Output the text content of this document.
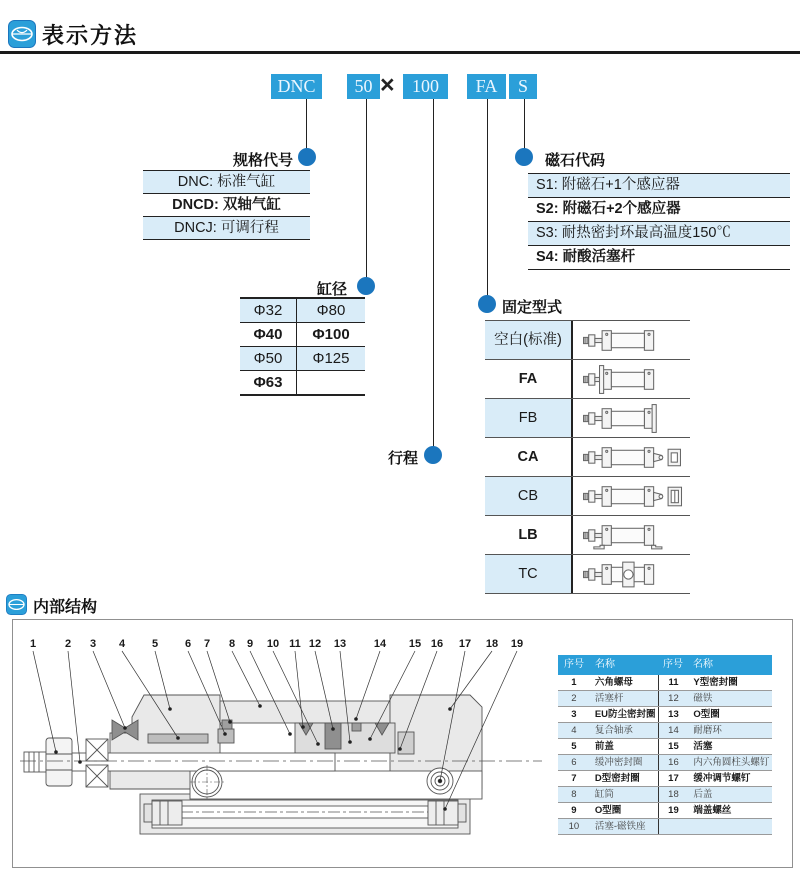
表示方法
DNC	50 × 100	FA	S
规格代号	磁石代码
缸径
固定型式
行程
DNC: 标准气缸
DNCD: 双轴气缸
DNCJ: 可调行程
S1: 附磁石+1个感应器
S2: 附磁石+2个感应器
S3: 耐热密封环最高温度150℃
S4: 耐酸活塞杆
Φ32	Φ80
Φ40	Φ100
Φ50	Φ125
Φ63
空白(标准)
FA
FB
CA
CB
LB
TC
内部结构
1	2 3 4 5 6 7 8 9 10 11 12 13	14 15 16 17 18 19
序号	名称	序号	名称
1	六角螺母	11	Y型密封圈
2	活塞杆	12	磁铁
3	EU防尘密封圈	13	O型圈
4	复合轴承	14	耐磨环
5	前盖	15	活塞
6	缓冲密封圈	16	内六角圆柱头螺钉
7	D型密封圈	17	缓冲调节螺钉
8	缸筒	18	后盖
9	O型圈	19	端盖螺丝
10	活塞-磁铁座
